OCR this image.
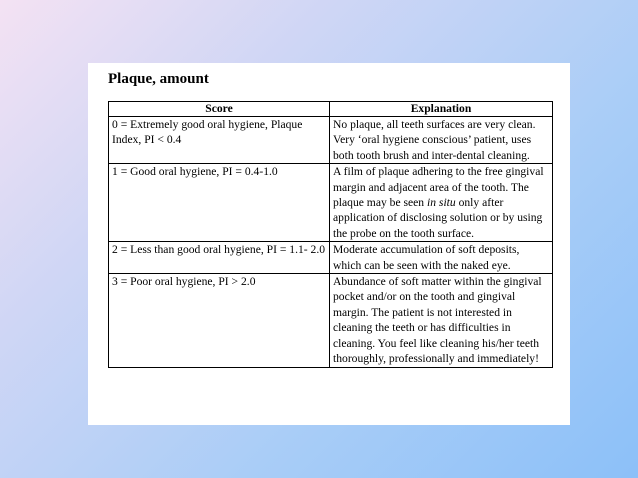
Plaque, amount
Score	Explanation
0 = Extremely good oral hygiene, Plaque Index, PI < 0.4	No plaque, all teeth surfaces are very clean. Very ‘oral hygiene conscious’ patient, uses both tooth brush and inter-dental cleaning.
1 = Good oral hygiene, PI = 0.4-1.0	A film of plaque adhering to the free gingival margin and adjacent area of the tooth. The plaque may be seen in situ only after application of disclosing solution or by using the probe on the tooth surface.
2 = Less than good oral hygiene, PI = 1.1- 2.0	Moderate accumulation of soft deposits, which can be seen with the naked eye.
3 = Poor oral hygiene, PI > 2.0	Abundance of soft matter within the gingival pocket and/or on the tooth and gingival margin. The patient is not interested in cleaning the teeth or has difficulties in cleaning. You feel like cleaning his/her teeth thoroughly, professionally and immediately!
